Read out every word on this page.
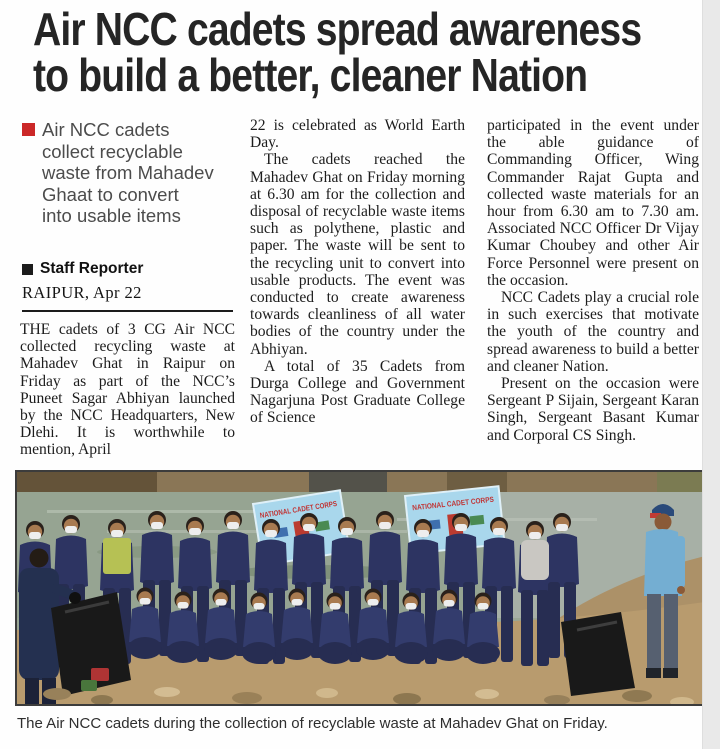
Air NCC cadets spread awareness
to build a better, cleaner Nation
Air NCC cadets
collect recyclable
waste from Mahadev
Ghaat to convert
into usable items
Staff Reporter
RAIPUR, Apr 22

THE cadets of 3 CG Air NCC collected recycling waste at Mahadev Ghat in Raipur on Friday as part of the NCC’s Puneet Sagar Abhiyan launched by the NCC Headquarters, New Dlehi. It is worthwhile to mention, April

22 is celebrated as World Earth Day.

The cadets reached the Mahadev Ghat on Friday morning at 6.30 am for the collection and disposal of recyclable waste items such as polythene, plastic and paper. The waste will be sent to the recycling unit to convert into usable products. The event was conducted to create awareness towards cleanliness of all water bodies of the country under the Abhiyan.

A total of 35 Cadets from Durga College and Government Nagarjuna Post Graduate College of Science

participated in the event under the able guidance of Commanding Officer, Wing Commander Rajat Gupta and collected waste materials for an hour from 6.30 am to 7.30 am. Associated NCC Officer Dr Vijay Kumar Choubey and other Air Force Personnel were present on the occasion.

NCC Cadets play a crucial role in such exercises that motivate the youth of the country and spread awareness to build a better and cleaner Nation.

Present on the occasion were Sergeant P Sijain, Sergeant Karan Singh, Sergeant Basant Kumar and Corporal CS Singh.

NATIONAL CADET CORPS	NATIONAL CADET CORPS
The Air NCC cadets during the collection of recyclable waste at Mahadev Ghat on Friday.
